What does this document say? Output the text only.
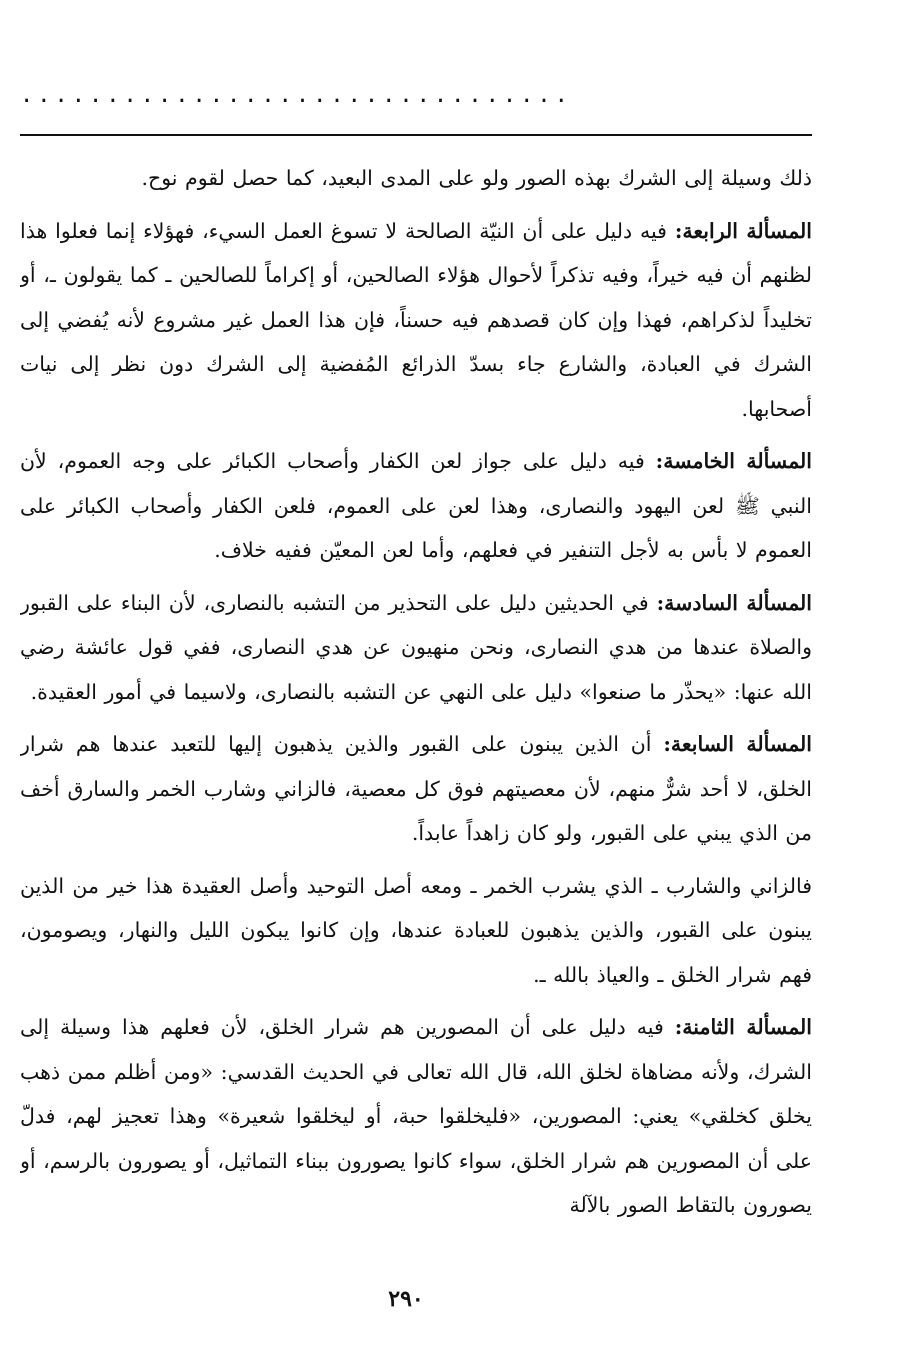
................................

ذلك وسيلة إلى الشرك بهذه الصور ولو على المدى البعيد، كما حصل لقوم نوح.

المسألة الرابعة: فيه دليل على أن النيّة الصالحة لا تسوغ العمل السيء، فهؤلاء إنما فعلوا هذا لظنهم أن فيه خيراً، وفيه تذكراً لأحوال هؤلاء الصالحين، أو إكراماً للصالحين ـ كما يقولون ـ، أو تخليداً لذكراهم، فهذا وإن كان قصدهم فيه حسناً، فإن هذا العمل غير مشروع لأنه يُفضي إلى الشرك في العبادة، والشارع جاء بسدّ الذرائع المُفضية إلى الشرك دون نظر إلى نيات أصحابها.

المسألة الخامسة: فيه دليل على جواز لعن الكفار وأصحاب الكبائر على وجه العموم، لأن النبي ﷺ لعن اليهود والنصارى، وهذا لعن على العموم، فلعن الكفار وأصحاب الكبائر على العموم لا بأس به لأجل التنفير في فعلهم، وأما لعن المعيّن ففيه خلاف.

المسألة السادسة: في الحديثين دليل على التحذير من التشبه بالنصارى، لأن البناء على القبور والصلاة عندها من هدي النصارى، ونحن منهيون عن هدي النصارى، ففي قول عائشة رضي الله عنها: «يحذّر ما صنعوا» دليل على النهي عن التشبه بالنصارى، ولاسيما في أمور العقيدة.

المسألة السابعة: أن الذين يبنون على القبور والذين يذهبون إليها للتعبد عندها هم شرار الخلق، لا أحد شرٌّ منهم، لأن معصيتهم فوق كل معصية، فالزاني وشارب الخمر والسارق أخف من الذي يبني على القبور، ولو كان زاهداً عابداً.

فالزاني والشارب ـ الذي يشرب الخمر ـ ومعه أصل التوحيد وأصل العقيدة هذا خير من الذين يبنون على القبور، والذين يذهبون للعبادة عندها، وإن كانوا يبكون الليل والنهار، ويصومون، فهم شرار الخلق ـ والعياذ بالله ـ.

المسألة الثامنة: فيه دليل على أن المصورين هم شرار الخلق، لأن فعلهم هذا وسيلة إلى الشرك، ولأنه مضاهاة لخلق الله، قال الله تعالى في الحديث القدسي: «ومن أظلم ممن ذهب يخلق كخلقي» يعني: المصورين، «فليخلقوا حبة، أو ليخلقوا شعيرة» وهذا تعجيز لهم، فدلّ على أن المصورين هم شرار الخلق، سواء كانوا يصورون ببناء التماثيل، أو يصورون بالرسم، أو يصورون بالتقاط الصور بالآلة

٢٩٠
